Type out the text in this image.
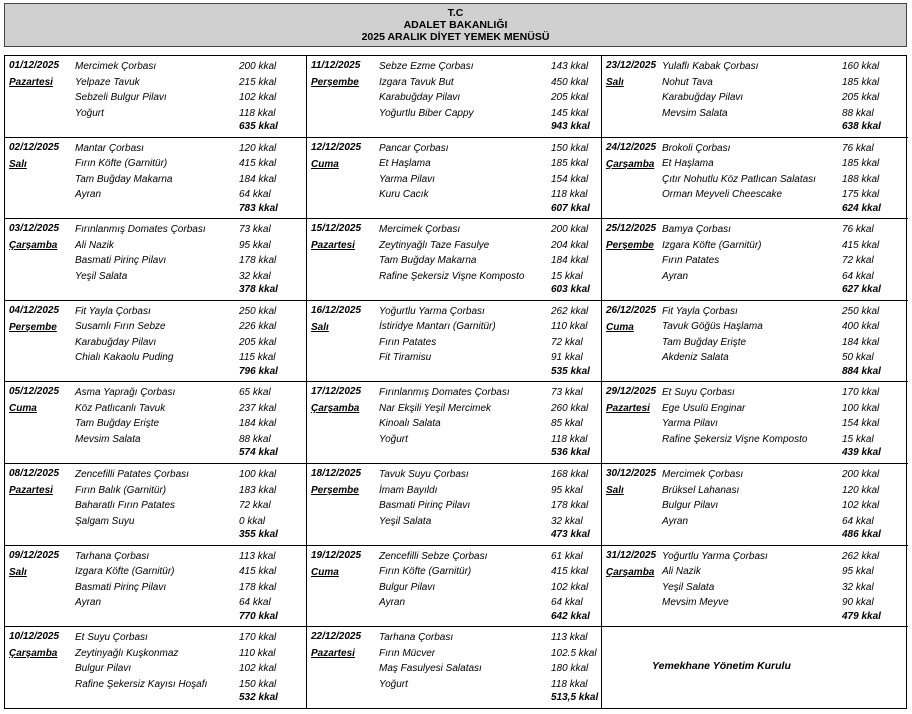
T.C
ADALET BAKANLIĞI
2025 ARALIK DİYET YEMEK MENÜSÜ
01/12/2025
Pazartesi
Mercimek Çorbası	200 kkal
Yelpaze Tavuk	215 kkal
Sebzeli Bulgur Pilavı	102 kkal
Yoğurt	118 kkal
635 kkal
02/12/2025
Salı
Mantar Çorbası	120 kkal
Fırın Köfte (Garnitür)	415 kkal
Tam Buğday Makarna	184 kkal
Ayran	64 kkal
783 kkal
03/12/2025
Çarşamba
Fırınlanmış Domates Çorbası	73 kkal
Ali Nazik	95 kkal
Basmati Pirinç Pilavı	178 kkal
Yeşil Salata	32 kkal
378 kkal
04/12/2025
Perşembe
Fit Yayla Çorbası	250 kkal
Susamlı Fırın Sebze	226 kkal
Karabuğday Pilavı	205 kkal
Chialı Kakaolu Puding	115 kkal
796 kkal
05/12/2025
Cuma
Asma Yaprağı Çorbası	65 kkal
Köz Patlıcanlı Tavuk	237 kkal
Tam Buğday Erişte	184 kkal
Mevsim Salata	88 kkal
574 kkal
08/12/2025
Pazartesi
Zencefilli Patates Çorbası	100 kkal
Fırın Balık (Garnitür)	183 kkal
Baharatlı Fırın Patates	72 kkal
Şalgam Suyu	0 kkal
355 kkal
09/12/2025
Salı
Tarhana Çorbası	113 kkal
Izgara Köfte (Garnitür)	415 kkal
Basmati Pirinç Pilavı	178 kkal
Ayran	64 kkal
770 kkal
10/12/2025
Çarşamba
Et Suyu Çorbası	170 kkal
Zeytinyağlı Kuşkonmaz	110 kkal
Bulgur Pilavı	102 kkal
Rafine Şekersiz Kayısı Hoşafı	150 kkal
532 kkal
11/12/2025
Perşembe
Sebze Ezme Çorbası	143 kkal
Izgara Tavuk But	450 kkal
Karabuğday Pilavı	205 kkal
Yoğurtlu Biber Cappy	145 kkal
943 kkal
12/12/2025
Cuma
Pancar Çorbası	150 kkal
Et Haşlama	185 kkal
Yarma Pilavı	154 kkal
Kuru Cacık	118 kkal
607 kkal
15/12/2025
Pazartesi
Mercimek Çorbası	200 kkal
Zeytinyağlı Taze Fasulye	204 kkal
Tam Buğday Makarna	184 kkal
Rafine Şekersiz Vişne Komposto	15 kkal
603 kkal
16/12/2025
Salı
Yoğurtlu Yarma Çorbası	262 kkal
İstiridye Mantarı (Garnitür)	110 kkal
Fırın Patates	72 kkal
Fit Tiramisu	91 kkal
535 kkal
17/12/2025
Çarşamba
Fırınlanmış Domates Çorbası	73 kkal
Nar Ekşili Yeşil Mercimek	260 kkal
Kinoalı Salata	85 kkal
Yoğurt	118 kkal
536 kkal
18/12/2025
Perşembe
Tavuk Suyu Çorbası	168 kkal
İmam Bayıldı	95 kkal
Basmati Pirinç Pilavı	178 kkal
Yeşil Salata	32 kkal
473 kkal
19/12/2025
Cuma
Zencefilli Sebze Çorbası	61 kkal
Fırın Köfte (Garnitür)	415 kkal
Bulgur Pilavı	102 kkal
Ayran	64 kkal
642 kkal
22/12/2025
Pazartesi
Tarhana Çorbası	113 kkal
Fırın Mücver	102.5 kkal
Maş Fasulyesi Salatası	180 kkal
Yoğurt	118 kkal
513,5 kkal
23/12/2025
Salı
Yulaflı Kabak Çorbası	160 kkal
Nohut Tava	185 kkal
Karabuğday Pilavı	205 kkal
Mevsim Salata	88 kkal
638 kkal
24/12/2025
Çarşamba
Brokoli Çorbası	76 kkal
Et Haşlama	185 kkal
Çıtır Nohutlu Köz Patlıcan Salatası	188 kkal
Orman Meyveli Cheescake	175 kkal
624 kkal
25/12/2025
Perşembe
Bamya Çorbası	76 kkal
Izgara Köfte (Garnitür)	415 kkal
Fırın Patates	72 kkal
Ayran	64 kkal
627 kkal
26/12/2025
Cuma
Fit Yayla Çorbası	250 kkal
Tavuk Göğüs Haşlama	400 kkal
Tam Buğday Erişte	184 kkal
Akdeniz Salata	50 kkal
884 kkal
29/12/2025
Pazartesi
Et Suyu Çorbası	170 kkal
Ege Usulü Enginar	100 kkal
Yarma Pilavı	154 kkal
Rafine Şekersiz Vişne Komposto	15 kkal
439 kkal
30/12/2025
Salı
Mercimek Çorbası	200 kkal
Brüksel Lahanası	120 kkal
Bulgur Pilavı	102 kkal
Ayran	64 kkal
486 kkal
31/12/2025
Çarşamba
Yoğurtlu Yarma Çorbası	262 kkal
Ali Nazik	95 kkal
Yeşil Salata	32 kkal
Mevsim Meyve	90 kkal
479 kkal
Yemekhane Yönetim Kurulu
